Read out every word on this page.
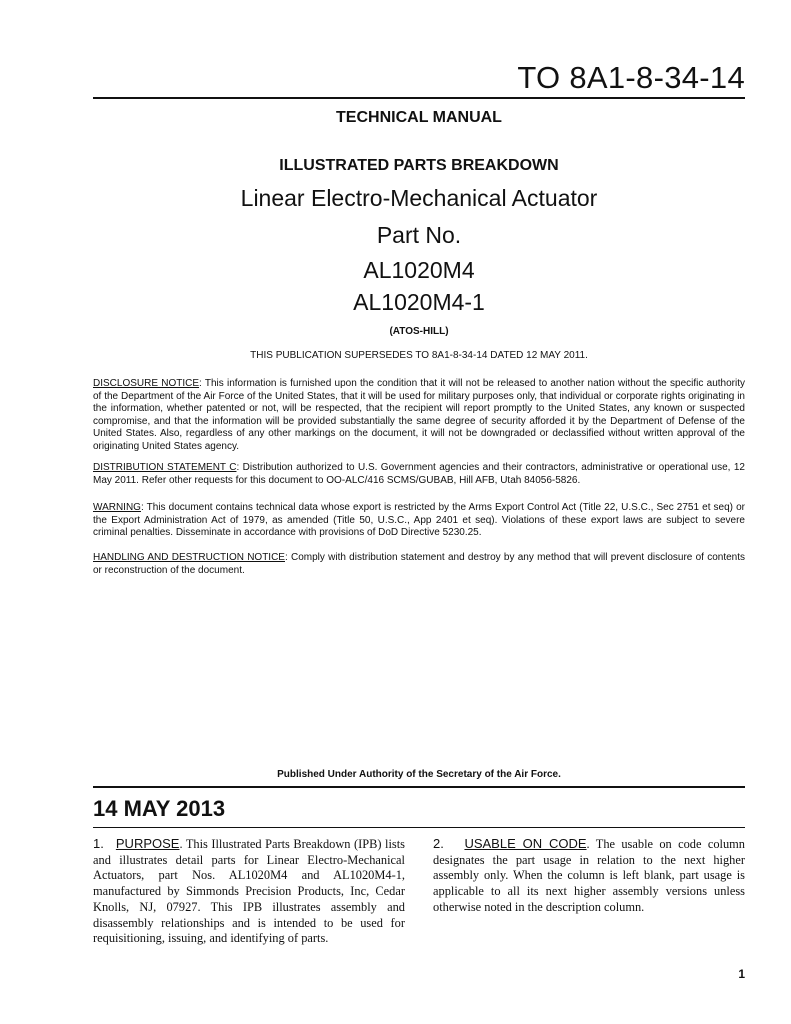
TO 8A1-8-34-14
TECHNICAL MANUAL
ILLUSTRATED PARTS BREAKDOWN
Linear Electro-Mechanical Actuator
Part No.
AL1020M4
AL1020M4-1
(ATOS-HILL)
THIS PUBLICATION SUPERSEDES TO 8A1-8-34-14 DATED 12 MAY 2011.
DISCLOSURE NOTICE: This information is furnished upon the condition that it will not be released to another nation without the specific authority of the Department of the Air Force of the United States, that it will be used for military purposes only, that individual or corporate rights originating in the information, whether patented or not, will be respected, that the recipient will report promptly to the United States, any known or suspected compromise, and that the information will be provided substantially the same degree of security afforded it by the Department of Defense of the United States. Also, regardless of any other markings on the document, it will not be downgraded or declassified without written approval of the originating United States agency.
DISTRIBUTION STATEMENT C: Distribution authorized to U.S. Government agencies and their contractors, administrative or operational use, 12 May 2011. Refer other requests for this document to OO-ALC/416 SCMS/GUBAB, Hill AFB, Utah 84056-5826.
WARNING: This document contains technical data whose export is restricted by the Arms Export Control Act (Title 22, U.S.C., Sec 2751 et seq) or the Export Administration Act of 1979, as amended (Title 50, U.S.C., App 2401 et seq). Violations of these export laws are subject to severe criminal penalties. Disseminate in accordance with provisions of DoD Directive 5230.25.
HANDLING AND DESTRUCTION NOTICE: Comply with distribution statement and destroy by any method that will prevent disclosure of contents or reconstruction of the document.
Published Under Authority of the Secretary of the Air Force.
14 MAY 2013
1. PURPOSE. This Illustrated Parts Breakdown (IPB) lists and illustrates detail parts for Linear Electro-Mechanical Actuators, part Nos. AL1020M4 and AL1020M4-1, manufactured by Simmonds Precision Products, Inc, Cedar Knolls, NJ, 07927. This IPB illustrates assembly and disassembly relationships and is intended to be used for requisitioning, issuing, and identifying of parts.
2. USABLE ON CODE. The usable on code column designates the part usage in relation to the next higher assembly only. When the column is left blank, part usage is applicable to all its next higher assembly versions unless otherwise noted in the description column.
1
